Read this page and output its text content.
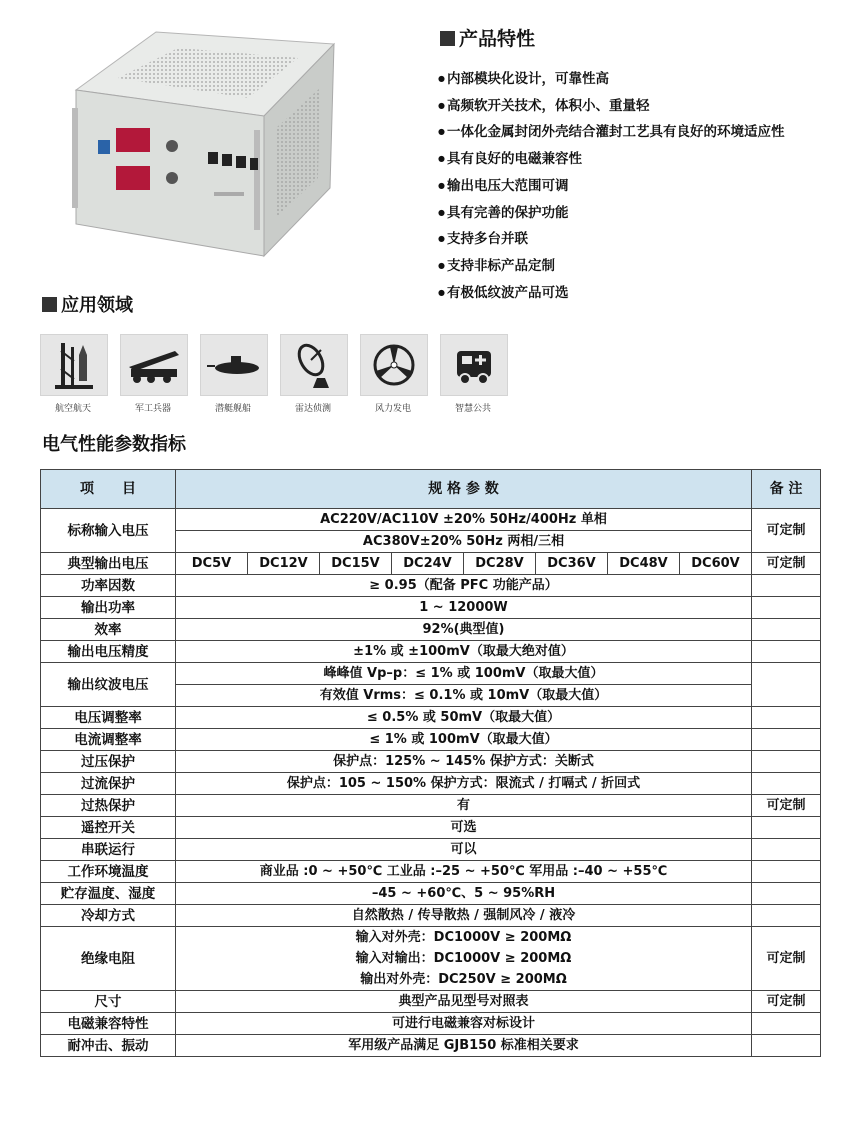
产品特性
● 内部模块化设计，可靠性高
● 高频软开关技术，体积小、重量轻
● 一体化金属封闭外壳结合灌封工艺具有良好的环境适应性
● 具有良好的电磁兼容性
● 输出电压大范围可调
● 具有完善的保护功能
● 支持多台并联
● 支持非标产品定制
● 有极低纹波产品可选
应用领域
航空航天	军工兵器	潜艇舰船	雷达侦测	风力发电	智慧公共
电气性能参数指标
项　　目	规 格 参 数								备 注
标称输入电压	AC220V/AC110V ±20% 50Hz/400Hz 单相								可定制
	AC380V±20% 50Hz 两相/三相								
典型输出电压	DC5V	DC12V	DC15V	DC24V	DC28V	DC36V	DC48V	DC60V	可定制
功率因数	≥ 0.95（配备 PFC 功能产品）								
输出功率	1 ~ 12000W								
效率	92%(典型值)								
输出电压精度	±1% 或 ±100mV（取最大绝对值）								
输出纹波电压	峰峰值 Vp–p：≤ 1% 或 100mV（取最大值）								
	有效值 Vrms：≤ 0.1% 或 10mV（取最大值）								
电压调整率	≤ 0.5% 或 50mV（取最大值）								
电流调整率	≤ 1% 或 100mV（取最大值）								
过压保护	保护点：125% ~ 145% 保护方式：关断式								
过流保护	保护点：105 ~ 150% 保护方式：限流式 / 打嗝式 / 折回式								
过热保护	有								可定制
遥控开关	可选								
串联运行	可以								
工作环境温度	商业品 :0 ~ +50℃ 工业品 :–25 ~ +50℃ 军用品 :–40 ~ +55℃								
贮存温度、湿度	–45 ~ +60℃、5 ~ 95%RH								
冷却方式	自然散热 / 传导散热 / 强制风冷 / 液冷								
绝缘电阻	输入对外壳：DC1000V ≥ 200MΩ								可定制
	输入对输出：DC1000V ≥ 200MΩ								
	输出对外壳：DC250V ≥ 200MΩ								
尺寸	典型产品见型号对照表								可定制
电磁兼容特性	可进行电磁兼容对标设计								
耐冲击、振动	军用级产品满足 GJB150 标准相关要求								
